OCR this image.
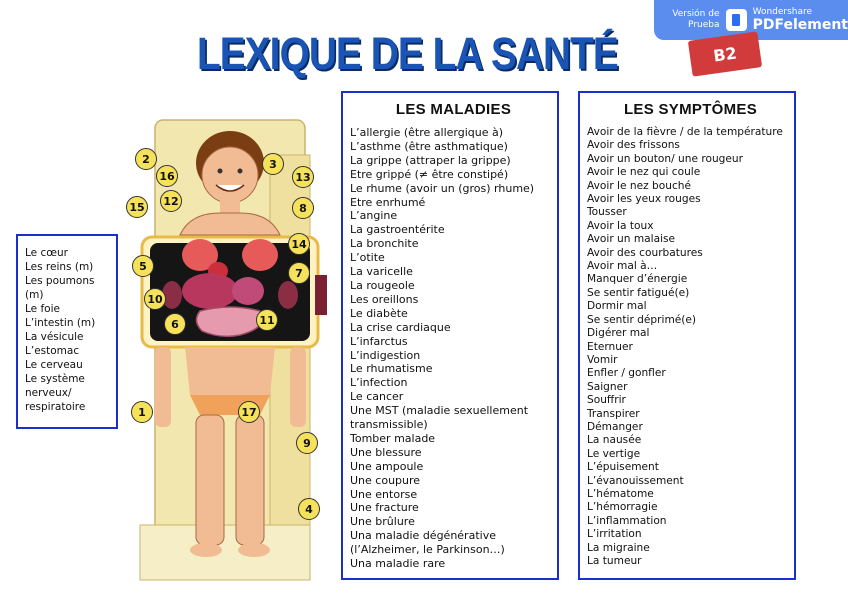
Versión de
Prueba
Wondershare
PDFelement
LEXIQUE DE LA SANTÉ	B2
Le cœur
Les reins (m)
Les poumons
(m)
Le foie
L’intestin (m)
La vésicule
L’estomac
Le cerveau
Le système
nerveux/
respiratoire
2	3
16	13
12
15	8
14
5
7
10
6	11
1	17
9
4
LES MALADIES
L’allergie (être allergique à)
L’asthme (être asthmatique)
La grippe (attraper la grippe)
Etre grippé (≠ être constipé)
Le rhume (avoir un (gros) rhume)
Etre enrhumé
L’angine
La gastroentérite
La bronchite
L’otite
La varicelle
La rougeole
Les oreillons
Le diabète
La crise cardiaque
L’infarctus
L’indigestion
Le rhumatisme
L’infection
Le cancer
Une MST (maladie sexuellement
transmissible)
Tomber malade
Une blessure
Une ampoule
Une coupure
Une entorse
Une fracture
Une brûlure
Una maladie dégénérative
(l’Alzheimer, le Parkinson…)
Una maladie rare
LES SYMPTÔMES
Avoir de la fièvre / de la température
Avoir des frissons
Avoir un bouton/ une rougeur
Avoir le nez qui coule
Avoir le nez bouché
Avoir les yeux rouges
Tousser
Avoir la toux
Avoir un malaise
Avoir des courbatures
Avoir mal à…
Manquer d’énergie
Se sentir fatigué(e)
Dormir mal
Se sentir déprimé(e)
Digérer mal
Eternuer
Vomir
Enfler / gonfler
Saigner
Souffrir
Transpirer
Démanger
La nausée
Le vertige
L’épuisement
L’évanouissement
L’hématome
L’hémorragie
L’inflammation
L’irritation
La migraine
La tumeur
